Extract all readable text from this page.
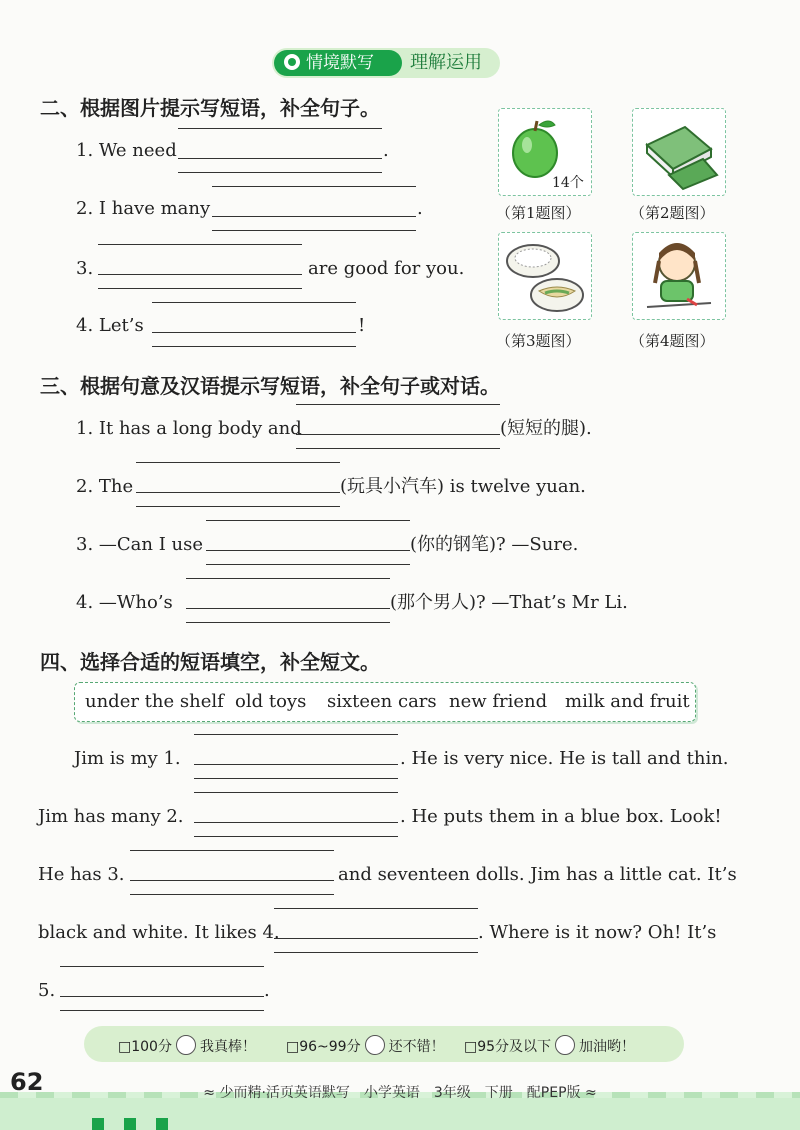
情境默写	理解运用
二、根据图片提示写短语，补全句子。
1. We need	.
2. I have many	.
3.	are good for you.
4. Let’s	!
14个
（第1题图）	（第2题图）
（第3题图）	（第4题图）
三、根据句意及汉语提示写短语，补全句子或对话。
1. It has a long body and	(短短的腿).
2. The	(玩具小汽车) is twelve yuan.
3. —Can I use	(你的钢笔)? —Sure.
4. —Who’s	(那个男人)? —That’s Mr Li.
四、选择合适的短语填空，补全短文。
under the shelf old toys sixteen cars new friend milk and fruit
Jim is my 1.	. He is very nice. He is tall and thin.
Jim has many 2.	. He puts them in a blue box. Look!
He has 3.	and seventeen dolls. Jim has a little cat. It’s
black and white. It likes 4.	. Where is it now? Oh! It’s
5.	.
□100分 我真棒！ □96~99分 还不错！ □95分及以下 加油哟！
62	≈ 少而精·活页英语默写　小学英语　3年级　下册　配PEP版 ≈
